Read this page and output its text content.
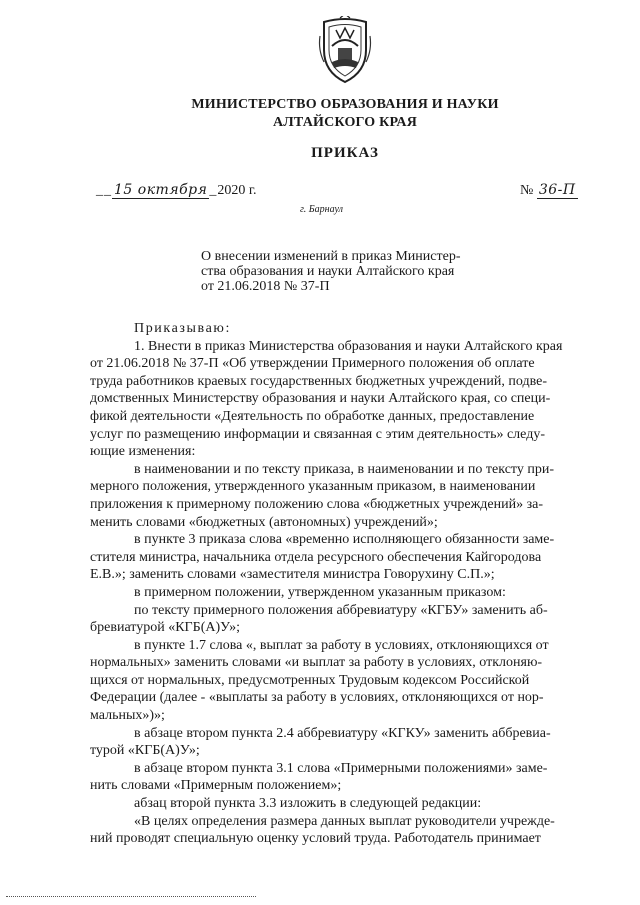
МИНИСТЕРСТВО ОБРАЗОВАНИЯ И НАУКИ
АЛТАЙСКОГО КРАЯ
ПРИКАЗ
__ 15 октября _2020 г.	№ 36-П
г. Барнаул
О внесении изменений в приказ Министер-
ства образования и науки Алтайского края
от 21.06.2018 № 37-П
Приказываю:
1. Внести в приказ Министерства образования и науки Алтайского края
от 21.06.2018 № 37-П «Об утверждении Примерного положения об оплате
труда работников краевых государственных бюджетных учреждений, подве-
домственных Министерству образования и науки Алтайского края, со специ-
фикой деятельности «Деятельность по обработке данных, предоставление
услуг по размещению информации и связанная с этим деятельность» следу-
ющие изменения:
в наименовании и по тексту приказа, в наименовании и по тексту при-
мерного положения, утвержденного указанным приказом, в наименовании
приложения к примерному положению слова «бюджетных учреждений» за-
менить словами «бюджетных (автономных) учреждений»;
в пункте 3 приказа слова «временно исполняющего обязанности заме-
стителя министра, начальника отдела ресурсного обеспечения Кайгородова
Е.В.»; заменить словами «заместителя министра Говорухину С.П.»;
в примерном положении, утвержденном указанным приказом:
по тексту примерного положения аббревиатуру «КГБУ» заменить аб-
бревиатурой «КГБ(А)У»;
в пункте 1.7 слова «, выплат за работу в условиях, отклоняющихся от
нормальных» заменить словами «и выплат за работу в условиях, отклоняю-
щихся от нормальных, предусмотренных Трудовым кодексом Российской
Федерации (далее - «выплаты за работу в условиях, отклоняющихся от нор-
мальных»)»;
в абзаце втором пункта 2.4 аббревиатуру «КГКУ» заменить аббревиа-
турой «КГБ(А)У»;
в абзаце втором пункта 3.1 слова «Примерными положениями» заме-
нить словами «Примерным положением»;
абзац второй пункта 3.3 изложить в следующей редакции:
«В целях определения размера данных выплат руководители учрежде-
ний проводят специальную оценку условий труда. Работодатель принимает
